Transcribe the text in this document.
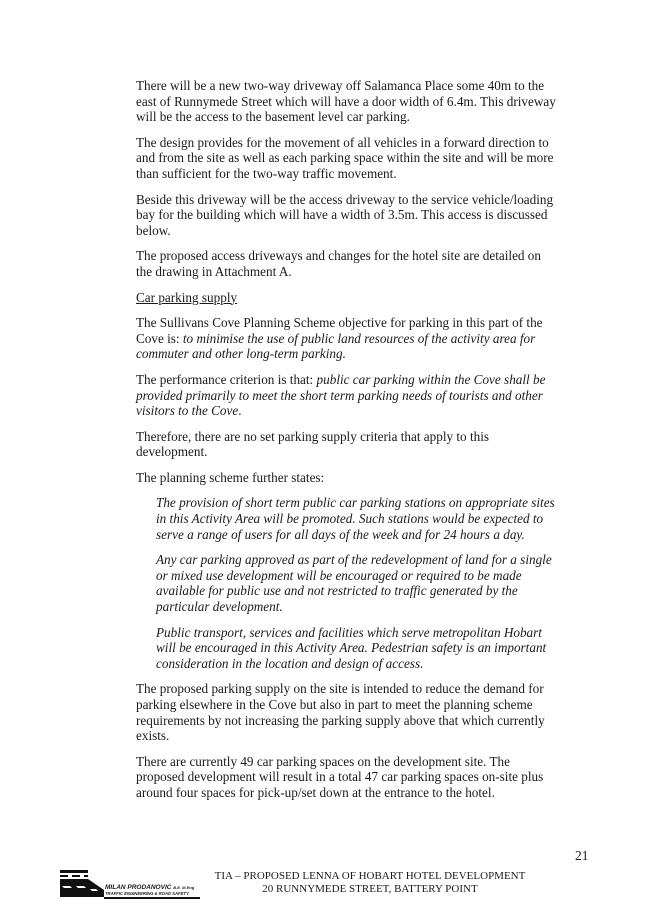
There will be a new two-way driveway off Salamanca Place some 40m to the east of Runnymede Street which will have a door width of 6.4m. This driveway will be the access to the basement level car parking.

The design provides for the movement of all vehicles in a forward direction to and from the site as well as each parking space within the site and will be more than sufficient for the two-way traffic movement.

Beside this driveway will be the access driveway to the service vehicle/loading bay for the building which will have a width of 3.5m. This access is discussed below.

The proposed access driveways and changes for the hotel site are detailed on the drawing in Attachment A.

Car parking supply

The Sullivans Cove Planning Scheme objective for parking in this part of the Cove is: to minimise the use of public land resources of the activity area for commuter and other long-term parking.

The performance criterion is that: public car parking within the Cove shall be provided primarily to meet the short term parking needs of tourists and other visitors to the Cove.

Therefore, there are no set parking supply criteria that apply to this development.

The planning scheme further states:

The provision of short term public car parking stations on appropriate sites in this Activity Area will be promoted. Such stations would be expected to serve a range of users for all days of the week and for 24 hours a day.

Any car parking approved as part of the redevelopment of land for a single or mixed use development will be encouraged or required to be made available for public use and not restricted to traffic generated by the particular development.

Public transport, services and facilities which serve metropolitan Hobart will be encouraged in this Activity Area. Pedestrian safety is an important consideration in the location and design of access.

The proposed parking supply on the site is intended to reduce the demand for parking elsewhere in the Cove but also in part to meet the planning scheme requirements by not increasing the parking supply above that which currently exists.

There are currently 49 car parking spaces on the development site. The proposed development will result in a total 47 car parking spaces on-site plus around four spaces for pick-up/set down at the entrance to the hotel.

21
MILAN PRODANOVIC B.E. M.Eng
TRAFFIC ENGINEERING & ROAD SAFETY
TIA – PROPOSED LENNA OF HOBART HOTEL DEVELOPMENT
20 RUNNYMEDE STREET, BATTERY POINT
